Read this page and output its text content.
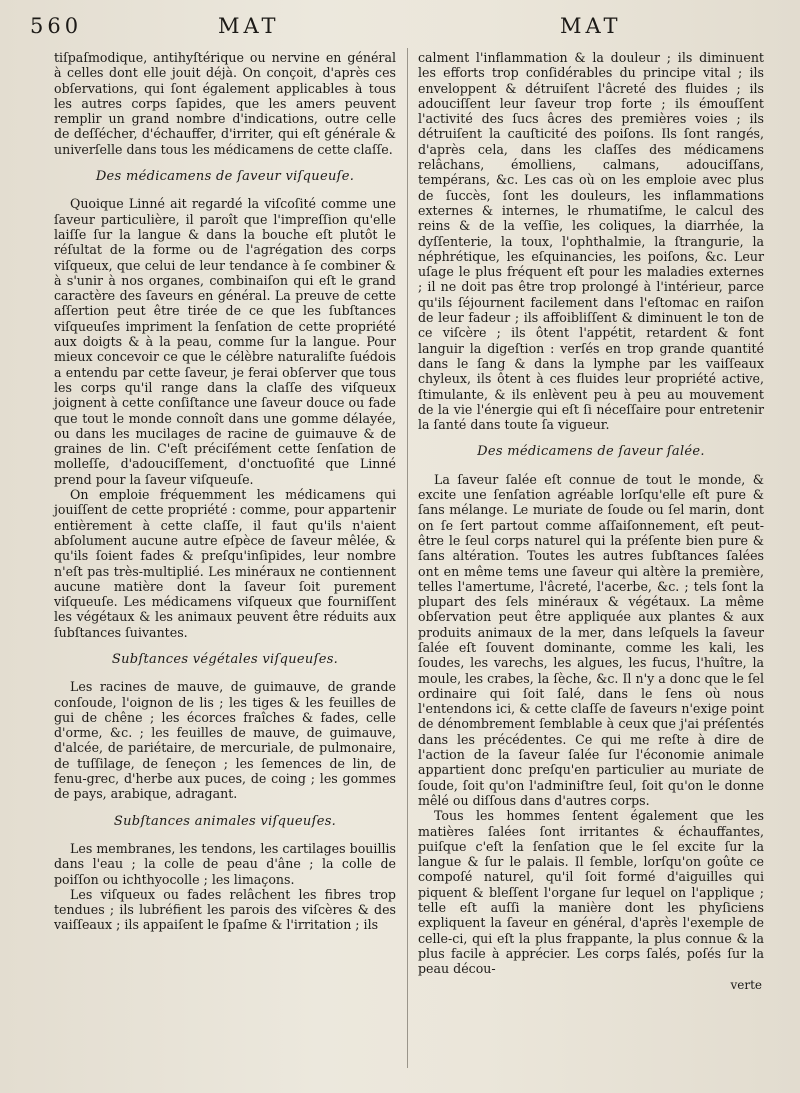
560	MAT	MAT

tiſpaſmodique, antihyſtérique ou nervine en général à celles dont elle jouit déjà. On conçoit, d'après ces obſervations, qui ſont également applicables à tous les autres corps ſapides, que les amers peuvent remplir un grand nombre d'indications, outre celle de deſſécher, d'échauffer, d'irriter, qui eſt générale & univerſelle dans tous les médicamens de cette claſſe.

Des médicamens de ſaveur viſqueuſe.

Quoique Linné ait regardé la viſcoſité comme une ſaveur particulière, il paroît que l'impreſſion qu'elle laiſſe ſur la langue & dans la bouche eſt plutôt le réſultat de la forme ou de l'agrégation des corps viſqueux, que celui de leur tendance à ſe combiner & à s'unir à nos organes, combinaiſon qui eſt le grand caractère des ſaveurs en général. La preuve de cette aſſertion peut être tirée de ce que les ſubſtances viſqueuſes impriment la ſenſation de cette propriété aux doigts & à la peau, comme ſur la langue. Pour mieux concevoir ce que le célèbre naturaliſte ſuédois a entendu par cette ſaveur, je ferai obſerver que tous les corps qu'il range dans la claſſe des viſqueux joignent à cette conſiſtance une ſaveur douce ou fade que tout le monde connoît dans une gomme délayée, ou dans les mucilages de racine de guimauve & de graines de lin. C'eſt préciſément cette ſenſation de molleſſe, d'adouciſſement, d'onctuoſité que Linné prend pour la ſaveur viſqueuſe.

On emploie fréquemment les médicamens qui jouiſſent de cette propriété : comme, pour appartenir entièrement à cette claſſe, il faut qu'ils n'aient abſolument aucune autre eſpèce de ſaveur mêlée, & qu'ils ſoient fades & preſqu'inſipides, leur nombre n'eſt pas très-multiplié. Les minéraux ne contiennent aucune matière dont la ſaveur ſoit purement viſqueuſe. Les médicamens viſqueux que fourniſſent les végétaux & les animaux peuvent être réduits aux ſubſtances ſuivantes.

Subſtances végétales viſqueuſes.

Les racines de mauve, de guimauve, de grande conſoude, l'oignon de lis ; les tiges & les feuilles de gui de chêne ; les écorces fraîches & fades, celle d'orme, &c. ; les feuilles de mauve, de guimauve, d'alcée, de pariétaire, de mercuriale, de pulmonaire, de tuſſilage, de ſeneçon ; les ſemences de lin, de fenu-grec, d'herbe aux puces, de coing ; les gommes de pays, arabique, adragant.

Subſtances animales viſqueuſes.

Les membranes, les tendons, les cartilages bouillis dans l'eau ; la colle de peau d'âne ; la colle de poiſſon ou ichthyocolle ; les limaçons.

Les viſqueux ou fades relâchent les fibres trop tendues ; ils lubréfient les parois des viſcères & des vaiſſeaux ; ils appaiſent le ſpaſme & l'irritation ; ils

calment l'inflammation & la douleur ; ils diminuent les efforts trop conſidérables du principe vital ; ils enveloppent & détruiſent l'âcreté des fluides ; ils adouciſſent leur ſaveur trop forte ; ils émouſſent l'activité des ſucs âcres des premières voies ; ils détruiſent la cauſticité des poiſons. Ils ſont rangés, d'après cela, dans les claſſes des médicamens relâchans, émolliens, calmans, adouciſſans, tempérans, &c. Les cas où on les emploie avec plus de ſuccès, ſont les douleurs, les inflammations externes & internes, le rhumatiſme, le calcul des reins & de la veſſie, les coliques, la diarrhée, la dyſſenterie, la toux, l'ophthalmie, la ſtrangurie, la néphrétique, les eſquinancies, les poiſons, &c. Leur uſage le plus fréquent eſt pour les maladies externes ; il ne doit pas être trop prolongé à l'intérieur, parce qu'ils ſéjournent facilement dans l'eſtomac en raiſon de leur fadeur ; ils affoibliſſent & diminuent le ton de ce viſcère ; ils ôtent l'appétit, retardent & font languir la digeſtion : verſés en trop grande quantité dans le ſang & dans la lymphe par les vaiſſeaux chyleux, ils ôtent à ces fluides leur propriété active, ſtimulante, & ils enlèvent peu à peu au mouvement de la vie l'énergie qui eſt ſi néceſſaire pour entretenir la ſanté dans toute ſa vigueur.

Des médicamens de ſaveur ſalée.

La ſaveur ſalée eſt connue de tout le monde, & excite une ſenſation agréable lorſqu'elle eſt pure & ſans mélange. Le muriate de ſoude ou ſel marin, dont on ſe ſert partout comme aſſaiſonnement, eſt peut-être le ſeul corps naturel qui la préſente bien pure & ſans altération. Toutes les autres ſubſtances ſalées ont en même tems une ſaveur qui altère la première, telles l'amertume, l'âcreté, l'acerbe, &c. ; tels ſont la plupart des ſels minéraux & végétaux. La même obſervation peut être appliquée aux plantes & aux produits animaux de la mer, dans leſquels la ſaveur ſalée eſt ſouvent dominante, comme les kali, les ſoudes, les varechs, les algues, les fucus, l'huître, la moule, les crabes, la ſèche, &c. Il n'y a donc que le ſel ordinaire qui ſoit ſalé, dans le ſens où nous l'entendons ici, & cette claſſe de ſaveurs n'exige point de dénombrement ſemblable à ceux que j'ai préſentés dans les précédentes. Ce qui me reſte à dire de l'action de la ſaveur ſalée ſur l'économie animale appartient donc preſqu'en particulier au muriate de ſoude, ſoit qu'on l'adminiſtre ſeul, ſoit qu'on le donne mêlé ou diſſous dans d'autres corps.

Tous les hommes ſentent également que les matières ſalées ſont irritantes & échauffantes, puiſque c'eſt la ſenſation que le ſel excite ſur la langue & ſur le palais. Il ſemble, lorſqu'on goûte ce compoſé naturel, qu'il ſoit formé d'aiguilles qui piquent & bleſſent l'organe ſur lequel on l'applique ; telle eſt auſſi la manière dont les phyſiciens expliquent la ſaveur en général, d'après l'exemple de celle-ci, qui eſt la plus frappante, la plus connue & la plus facile à apprécier. Les corps ſalés, poſés ſur la peau décou-

verte
